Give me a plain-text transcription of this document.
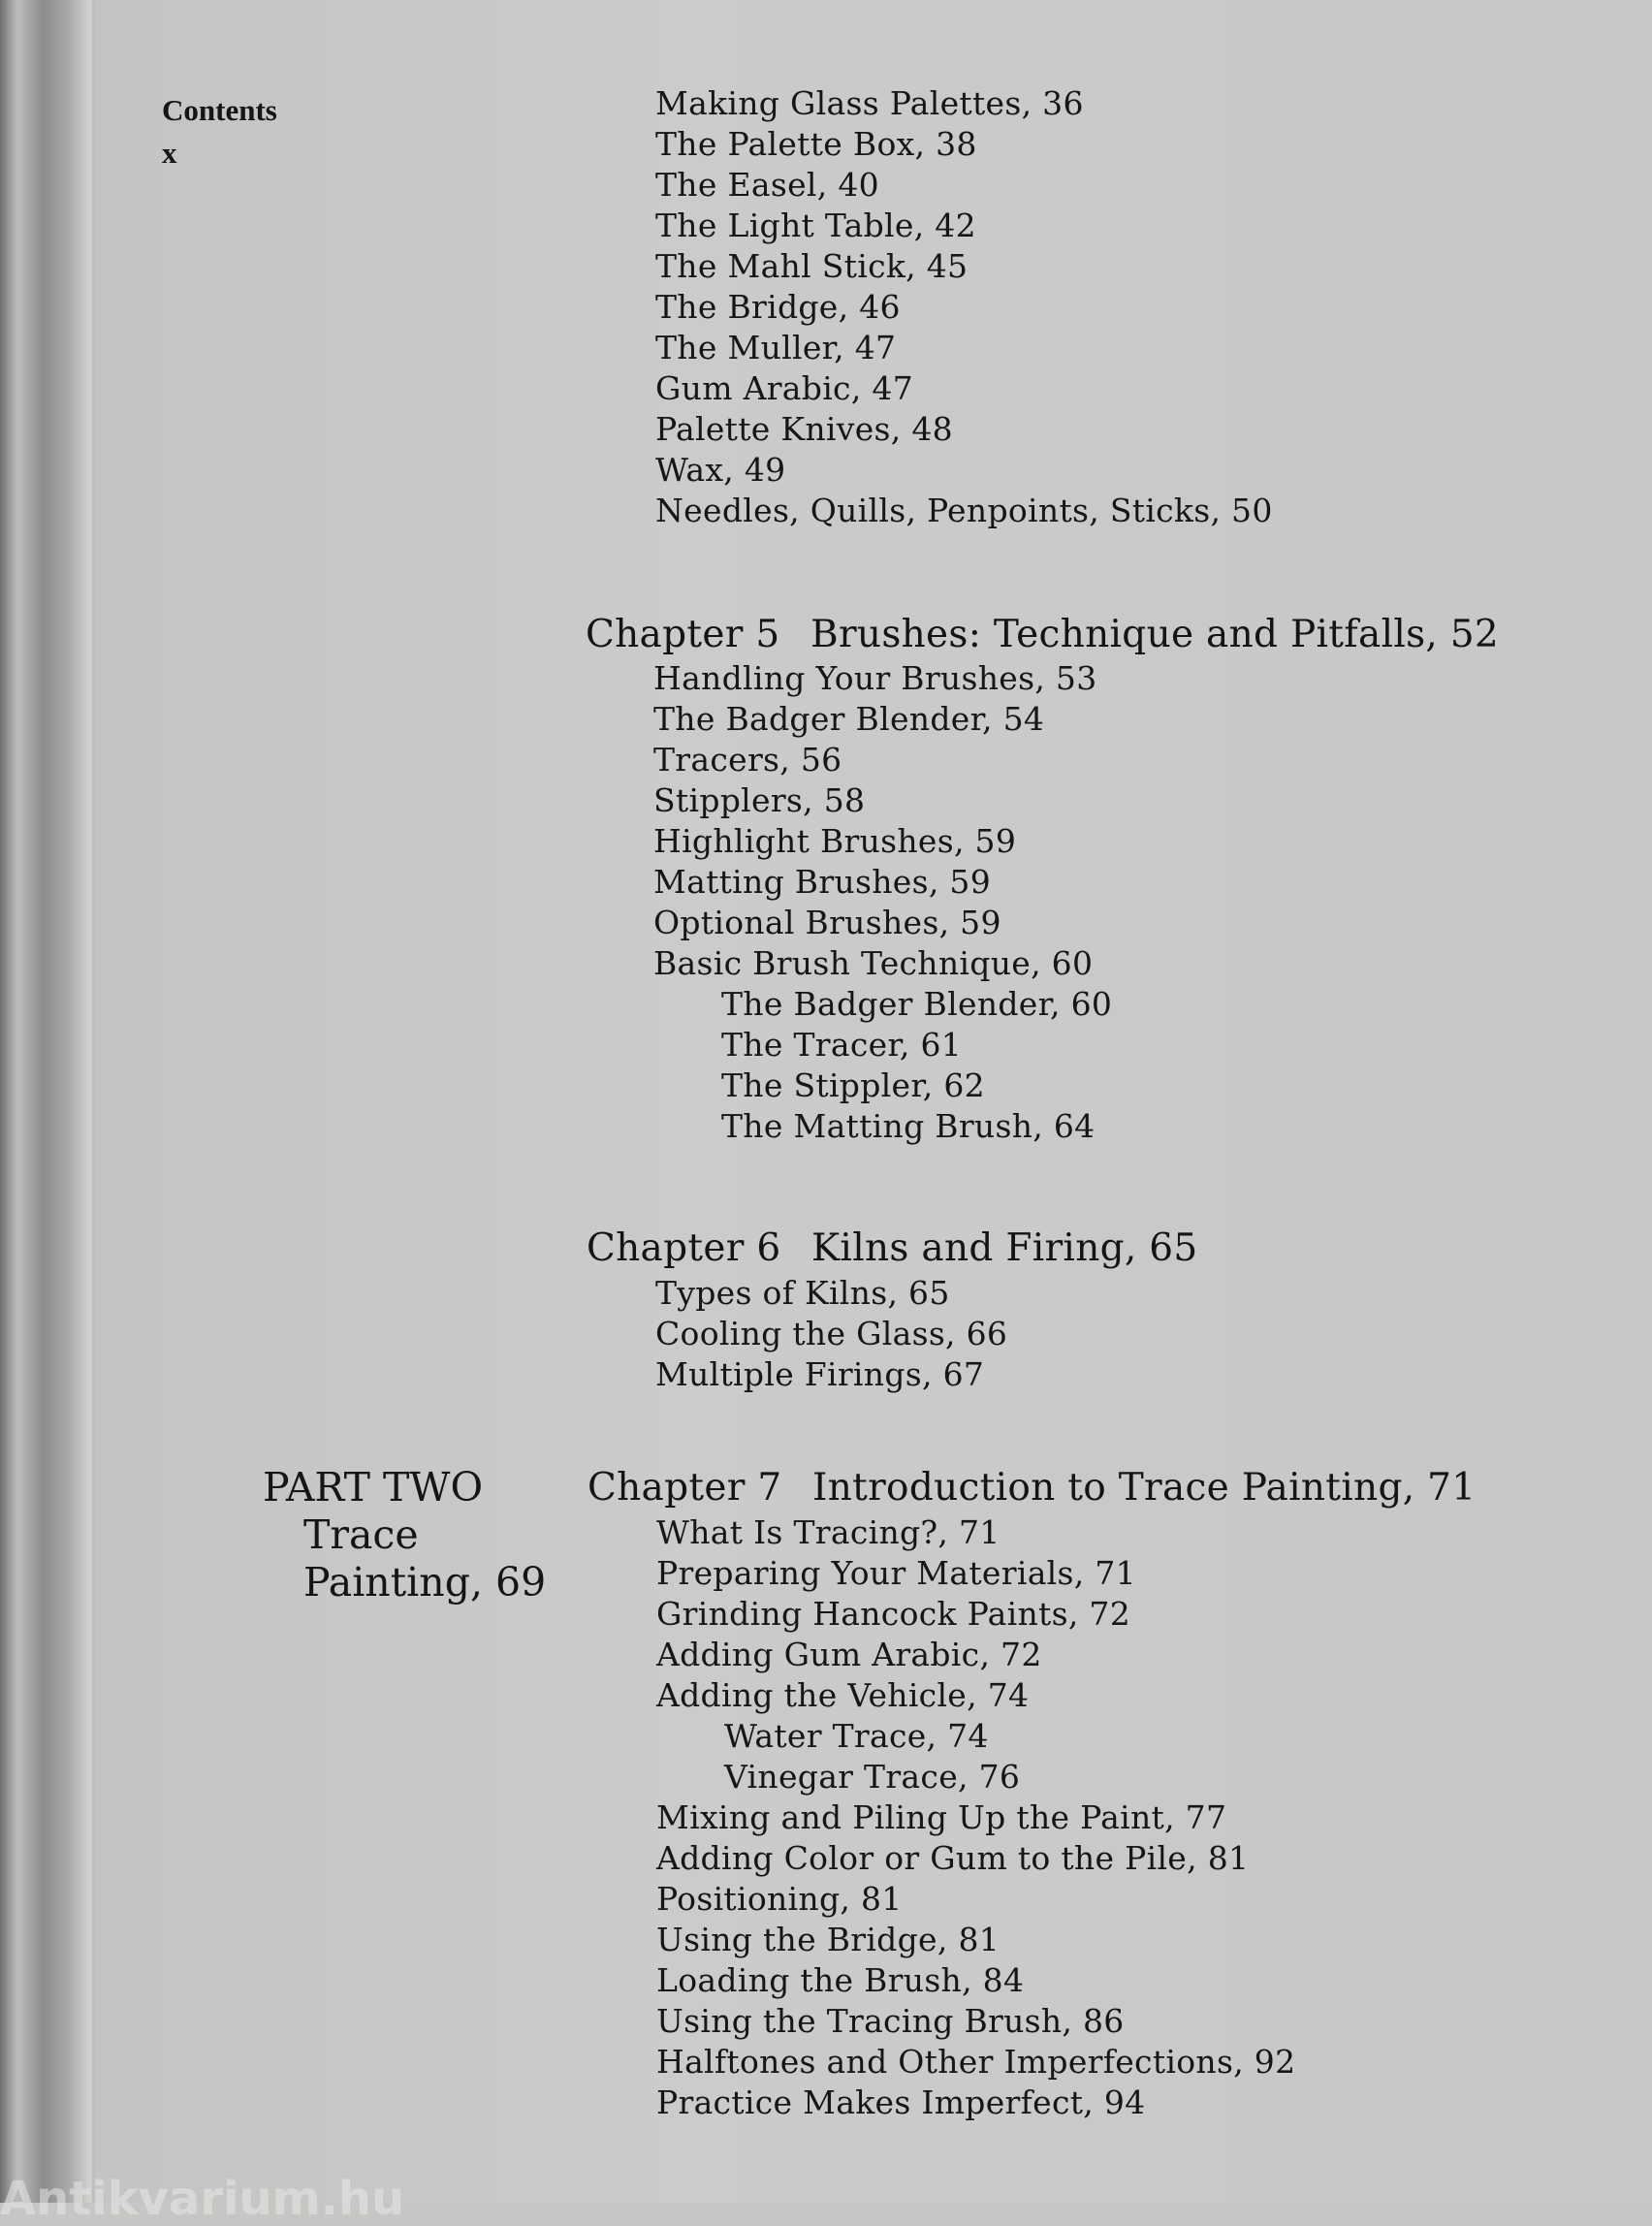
Contents
x
Making Glass Palettes, 36
The Palette Box, 38
The Easel, 40
The Light Table, 42
The Mahl Stick, 45
The Bridge, 46
The Muller, 47
Gum Arabic, 47
Palette Knives, 48
Wax, 49
Needles, Quills, Penpoints, Sticks, 50
Chapter 5 Brushes: Technique and Pitfalls, 52
Handling Your Brushes, 53
The Badger Blender, 54
Tracers, 56
Stipplers, 58
Highlight Brushes, 59
Matting Brushes, 59
Optional Brushes, 59
Basic Brush Technique, 60
The Badger Blender, 60
The Tracer, 61
The Stippler, 62
The Matting Brush, 64
Chapter 6 Kilns and Firing, 65
Types of Kilns, 65
Cooling the Glass, 66
Multiple Firings, 67
PART TWO
Trace
Painting, 69
Chapter 7 Introduction to Trace Painting, 71
What Is Tracing?, 71
Preparing Your Materials, 71
Grinding Hancock Paints, 72
Adding Gum Arabic, 72
Adding the Vehicle, 74
Water Trace, 74
Vinegar Trace, 76
Mixing and Piling Up the Paint, 77
Adding Color or Gum to the Pile, 81
Positioning, 81
Using the Bridge, 81
Loading the Brush, 84
Using the Tracing Brush, 86
Halftones and Other Imperfections, 92
Practice Makes Imperfect, 94
Antikvarium.hu
